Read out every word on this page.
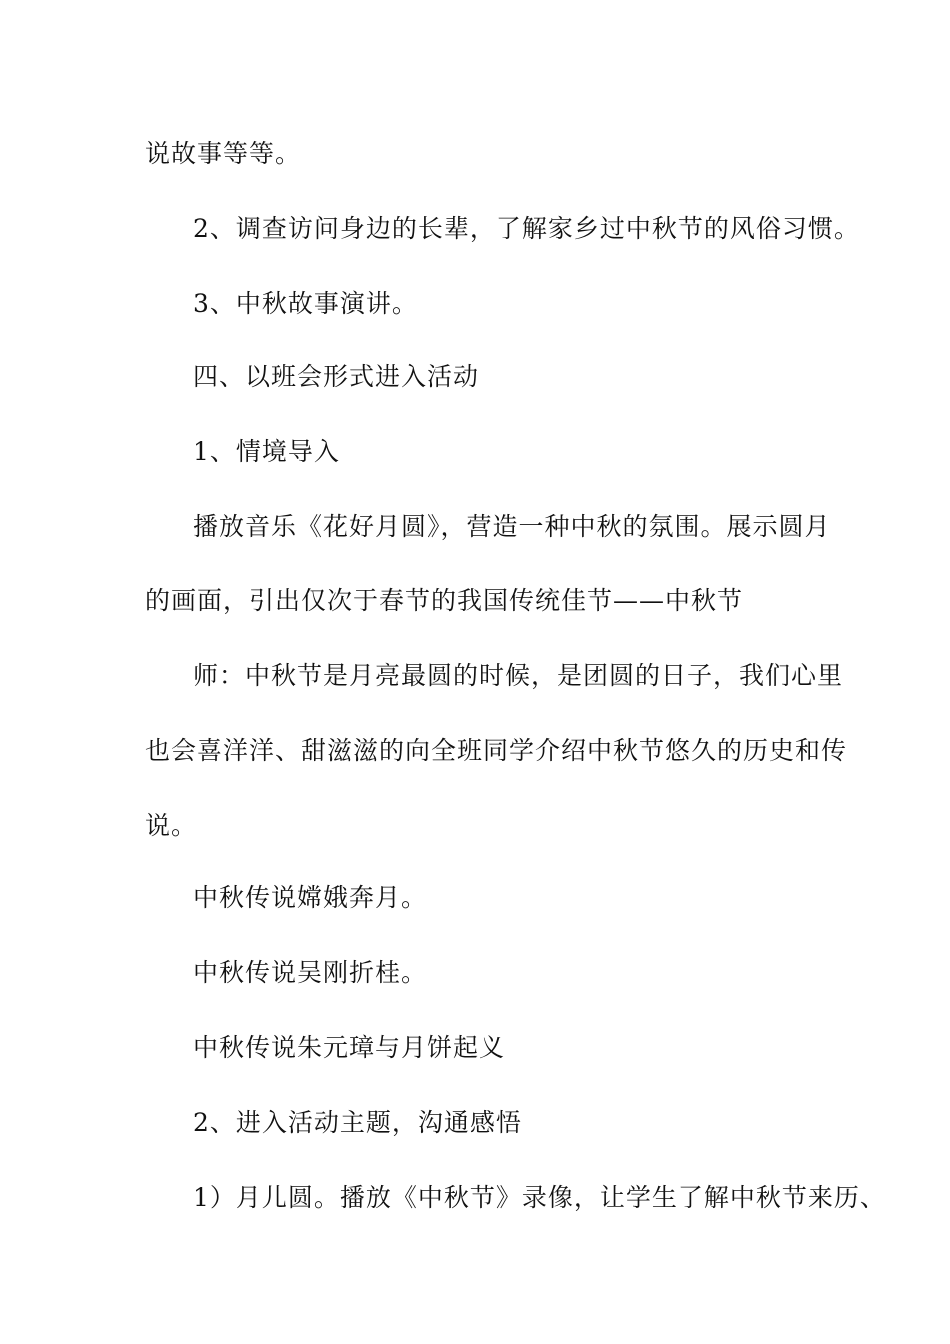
说故事等等。
2、调查访问身边的长辈，了解家乡过中秋节的风俗习惯。
3、中秋故事演讲。
四、以班会形式进入活动
1、情境导入
播放音乐《花好月圆》，营造一种中秋的氛围。展示圆月
的画面，引出仅次于春节的我国传统佳节——中秋节
师：中秋节是月亮最圆的时候，是团圆的日子，我们心里
也会喜洋洋、甜滋滋的向全班同学介绍中秋节悠久的历史和传
说。
中秋传说嫦娥奔月。
中秋传说吴刚折桂。
中秋传说朱元璋与月饼起义
2、进入活动主题，沟通感悟
1）月儿圆。播放《中秋节》录像，让学生了解中秋节来历、
